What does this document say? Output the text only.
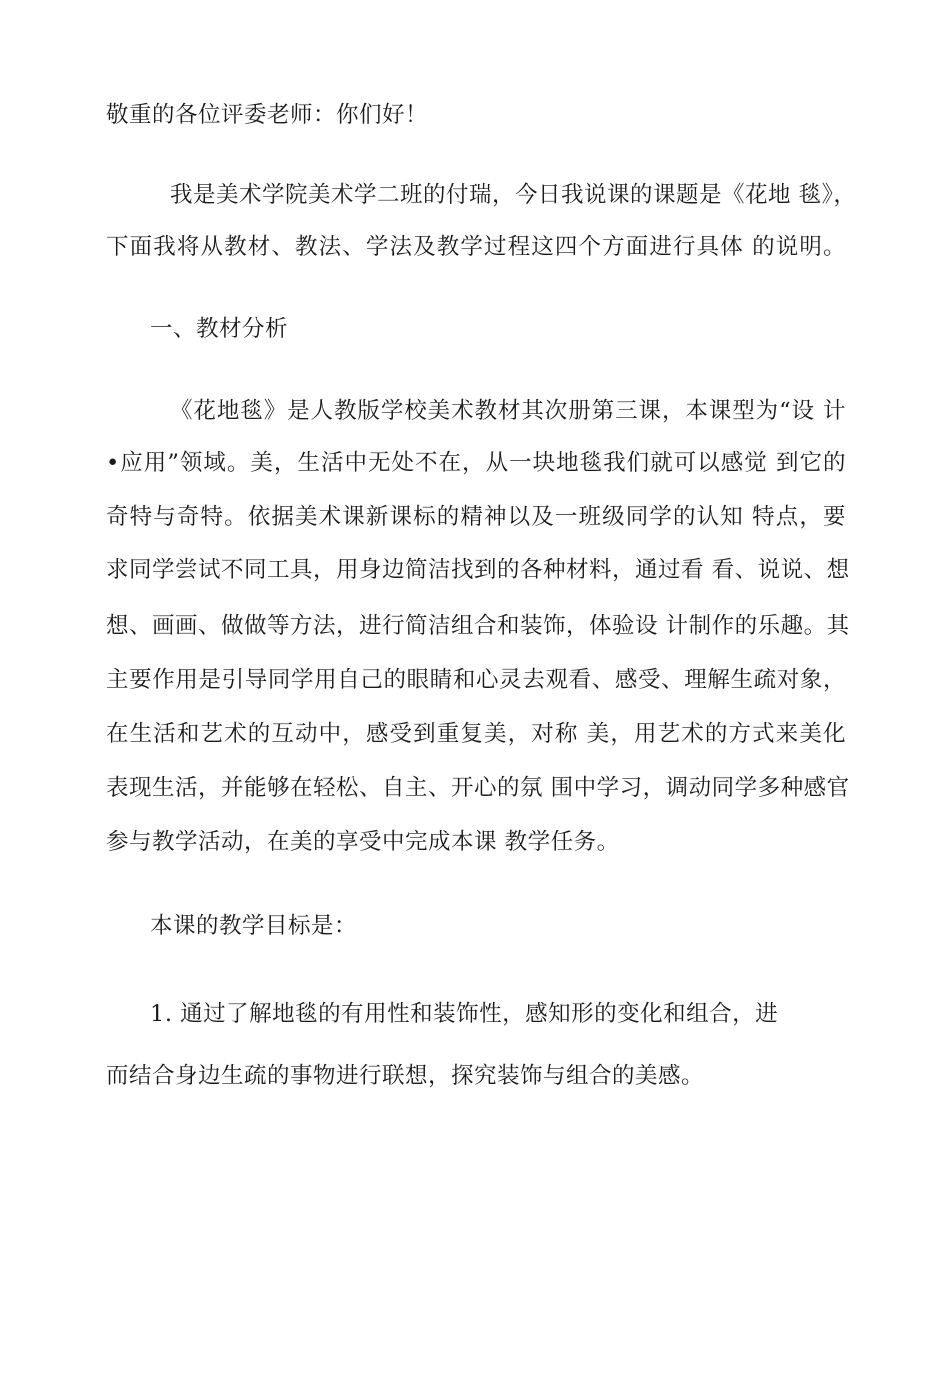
敬重的各位评委老师：你们好！
我是美术学院美术学二班的付瑞，今日我说课的课题是《花地 毯》，
下面我将从教材、教法、学法及教学过程这四个方面进行具体 的说明。
一、教材分析
《花地毯》是人教版学校美术教材其次册第三课，本课型为“设 计
•应用”领域。美，生活中无处不在，从一块地毯我们就可以感觉 到它的
奇特与奇特。依据美术课新课标的精神以及一班级同学的认知 特点，要
求同学尝试不同工具，用身边简洁找到的各种材料，通过看 看、说说、想
想、画画、做做等方法，进行简洁组合和装饰，体验设 计制作的乐趣。其
主要作用是引导同学用自己的眼睛和心灵去观看、感受、理解生疏对象，
在生活和艺术的互动中，感受到重复美，对称 美，用艺术的方式来美化
表现生活，并能够在轻松、自主、开心的氛 围中学习，调动同学多种感官
参与教学活动，在美的享受中完成本课 教学任务。
本课的教学目标是：
1. 通过了解地毯的有用性和装饰性，感知形的变化和组合，进
而结合身边生疏的事物进行联想，探究装饰与组合的美感。
